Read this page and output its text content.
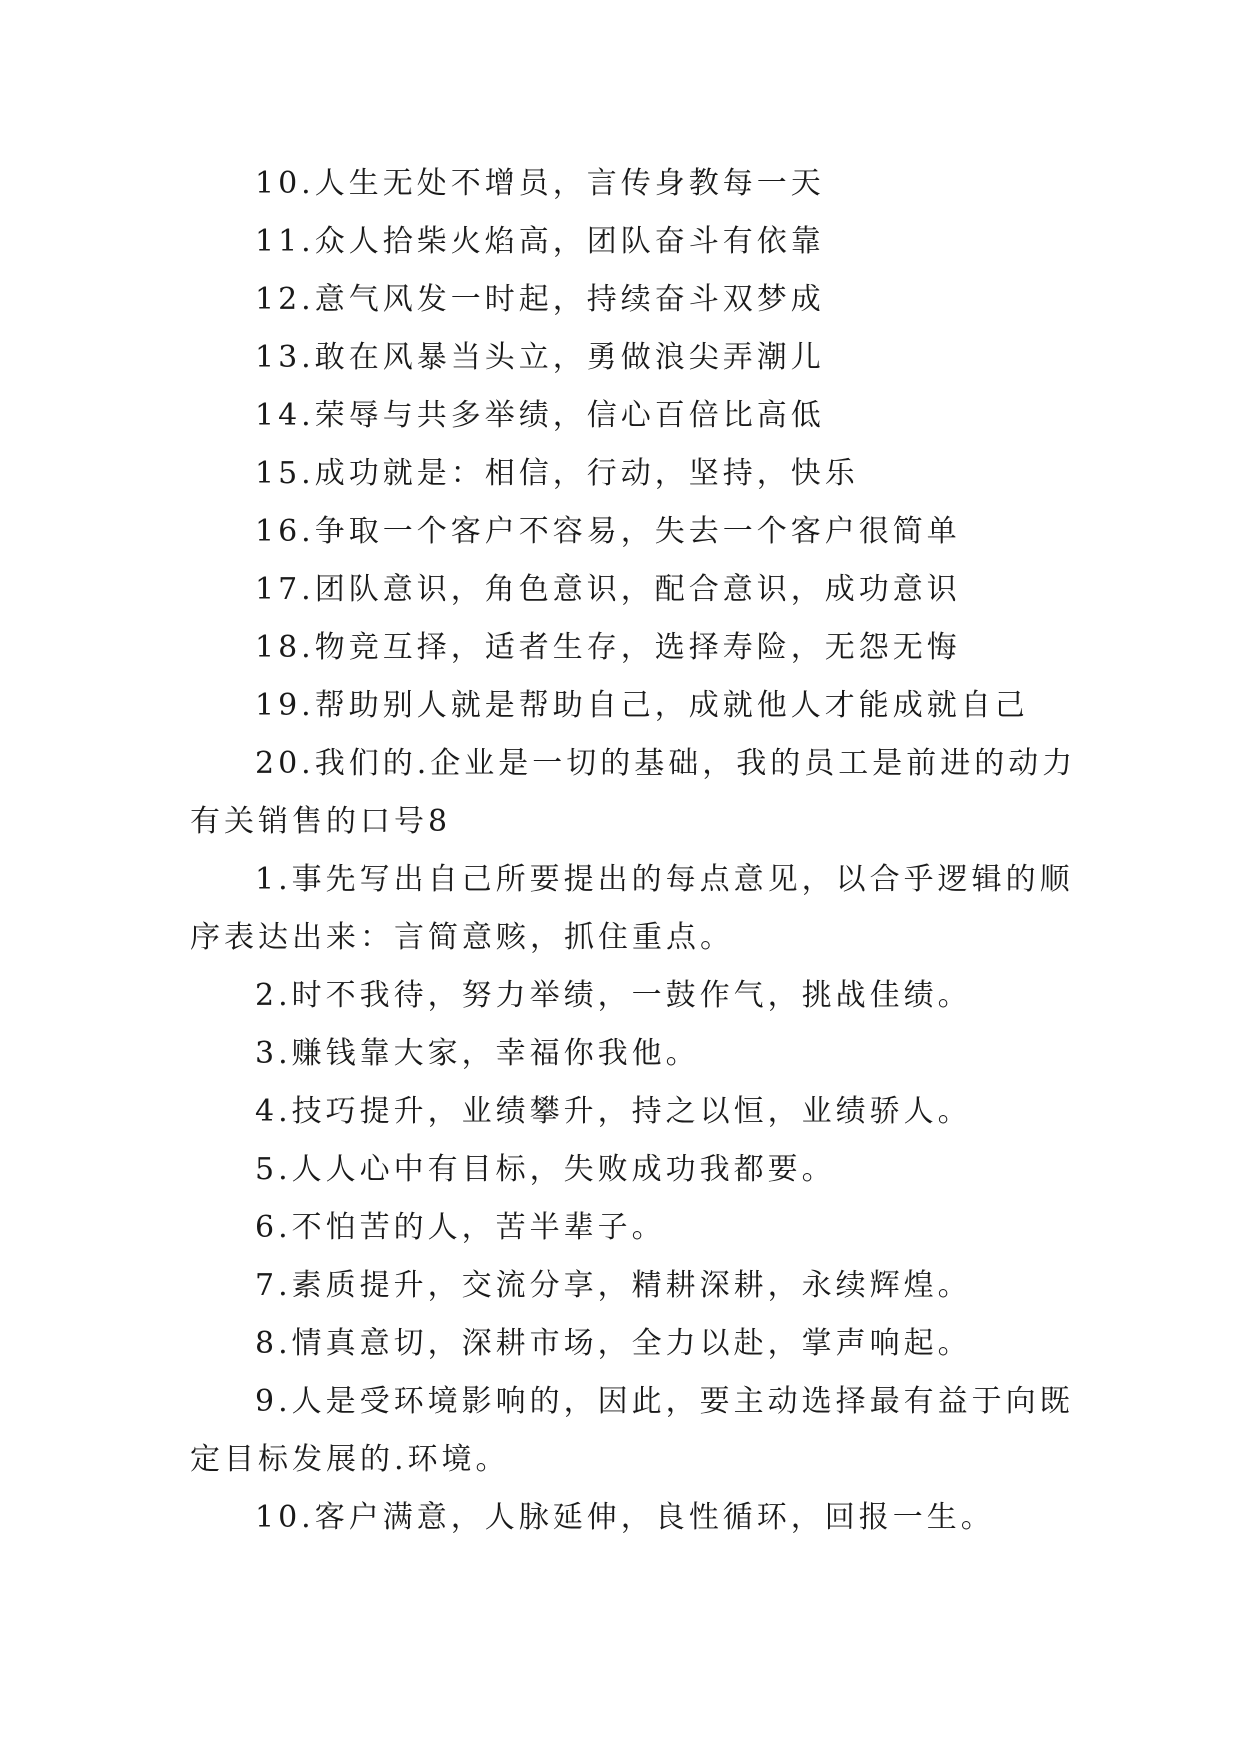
10.人生无处不增员，言传身教每一天
11.众人拾柴火焰高，团队奋斗有依靠
12.意气风发一时起，持续奋斗双梦成
13.敢在风暴当头立，勇做浪尖弄潮儿
14.荣辱与共多举绩，信心百倍比高低
15.成功就是：相信，行动，坚持，快乐
16.争取一个客户不容易，失去一个客户很简单
17.团队意识，角色意识，配合意识，成功意识
18.物竞互择，适者生存，选择寿险，无怨无悔
19.帮助别人就是帮助自己，成就他人才能成就自己
20.我们的.企业是一切的基础，我的员工是前进的动力
有关销售的口号8
1.事先写出自己所要提出的每点意见，以合乎逻辑的顺
序表达出来：言简意赅，抓住重点。
2.时不我待，努力举绩，一鼓作气，挑战佳绩。
3.赚钱靠大家，幸福你我他。
4.技巧提升，业绩攀升，持之以恒，业绩骄人。
5.人人心中有目标，失败成功我都要。
6.不怕苦的人，苦半辈子。
7.素质提升，交流分享，精耕深耕，永续辉煌。
8.情真意切，深耕市场，全力以赴，掌声响起。
9.人是受环境影响的，因此，要主动选择最有益于向既
定目标发展的.环境。
10.客户满意，人脉延伸，良性循环，回报一生。
